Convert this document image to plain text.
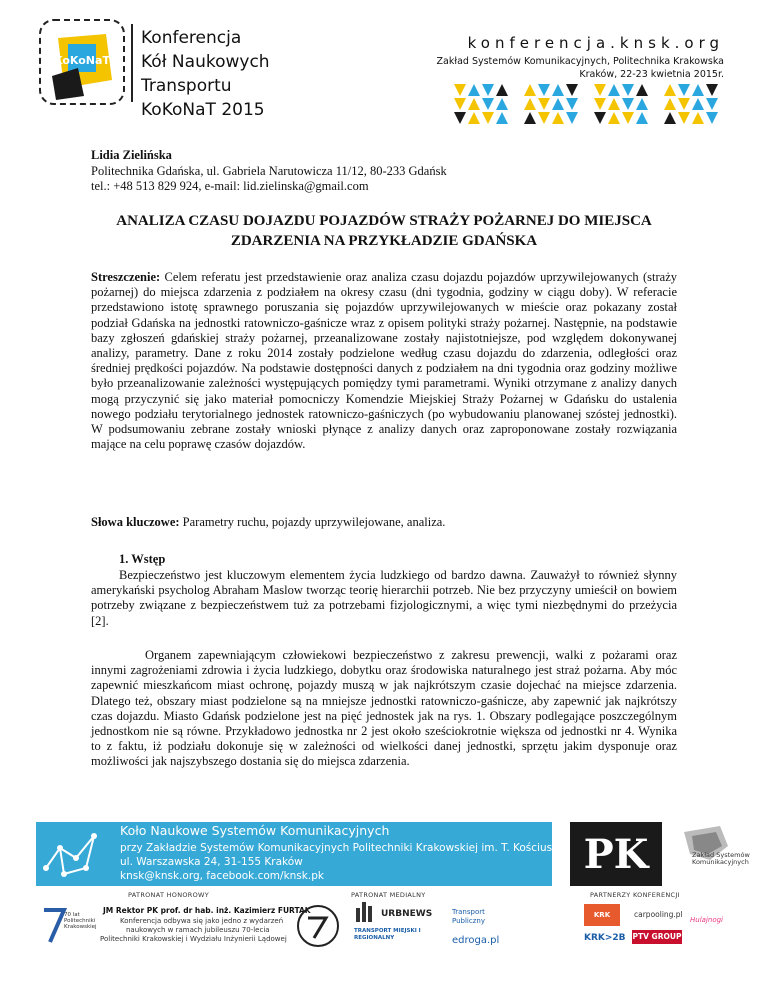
KoKoNaT
Konferencja
Kół Naukowych
Transportu
KoKoNaT 2015
konferencja.knsk.org
Zakład Systemów Komunikacyjnych, Politechnika Krakowska
Kraków, 22-23 kwietnia 2015r.
Lidia Zielińska
Politechnika Gdańska, ul. Gabriela Narutowicza 11/12, 80-233 Gdańsk
tel.: +48 513 829 924, e-mail: lid.zielinska@gmail.com
ANALIZA CZASU DOJAZDU POJAZDÓW STRAŻY POŻARNEJ DO MIEJSCA ZDARZENIA NA PRZYKŁADZIE GDAŃSKA
Streszczenie: Celem referatu jest przedstawienie oraz analiza czasu dojazdu pojazdów uprzywilejowanych (straży pożarnej) do miejsca zdarzenia z podziałem na okresy czasu (dni tygodnia, godziny w ciągu doby). W referacie przedstawiono istotę sprawnego poruszania się pojazdów uprzywilejowanych w mieście oraz pokazany został podział Gdańska na jednostki ratowniczo-gaśnicze wraz z opisem polityki straży pożarnej. Następnie, na podstawie bazy zgłoszeń gdańskiej straży pożarnej, przeanalizowane zostały najistotniejsze, pod względem dokonywanej analizy, parametry. Dane z roku 2014 zostały podzielone według czasu dojazdu do zdarzenia, odległości oraz średniej prędkości pojazdów. Na podstawie dostępności danych z podziałem na dni tygodnia oraz godziny możliwe było przeanalizowanie zależności występujących pomiędzy tymi parametrami. Wyniki otrzymane z analizy danych mogą przyczynić się jako materiał pomocniczy Komendzie Miejskiej Straży Pożarnej w Gdańsku do ustalenia nowego podziału terytorialnego jednostek ratowniczo-gaśniczych (po wybudowaniu planowanej szóstej jednostki). W podsumowaniu zebrane zostały wnioski płynące z analizy danych oraz zaproponowane zostały rozwiązania mające na celu poprawę czasów dojazdów.
Słowa kluczowe: Parametry ruchu, pojazdy uprzywilejowane, analiza.
1. Wstęp
Bezpieczeństwo jest kluczowym elementem życia ludzkiego od bardzo dawna. Zauważył to również słynny amerykański psycholog Abraham Maslow tworząc teorię hierarchii potrzeb. Nie bez przyczyny umieścił on bowiem potrzeby związane z bezpieczeństwem tuż za potrzebami fizjologicznymi, a więc tymi niezbędnymi do przeżycia [2].
Organem zapewniającym człowiekowi bezpieczeństwo z zakresu prewencji, walki z pożarami oraz innymi zagrożeniami zdrowia i życia ludzkiego, dobytku oraz środowiska naturalnego jest straż pożarna. Aby móc zapewnić mieszkańcom miast ochronę, pojazdy muszą w jak najkrótszym czasie dojechać na miejsce zdarzenia. Dlatego też, obszary miast podzielone są na mniejsze jednostki ratowniczo-gaśnicze, aby zapewnić jak najkrótszy czas dojazdu. Miasto Gdańsk podzielone jest na pięć jednostek jak na rys. 1. Obszary podlegające poszczególnym jednostkom nie są równe. Przykładowo jednostka nr 2 jest około sześciokrotnie większa od jednostki nr 4. Wynika to z faktu, iż podziału dokonuje się w zależności od wielkości danej jednostki, sprzętu jakim dysponuje oraz możliwości jak najszybszego dostania się do miejsca zdarzenia.
Koło Naukowe Systemów Komunikacyjnych
przy Zakładzie Systemów Komunikacyjnych Politechniki Krakowskiej im. T. Kościuszki
ul. Warszawska 24, 31-155 Kraków
knsk@knsk.org, facebook.com/knsk.pk	PK	Zakład Systemów Komunikacyjnych
PATRONAT HONOROWY	PATRONAT MEDIALNY	PARTNERZY KONFERENCJI
70 lat Politechniki Krakowskiej
JM Rektor PK prof. dr hab. inż. Kazimierz FURTAK
Konferencja odbywa się jako jedno z wydarzeń
naukowych w ramach jubileuszu 70-lecia
Politechniki Krakowskiej i Wydziału Inżynierii Lądowej
URBNEWS
TRANSPORT MIEJSKI I REGIONALNY
Transport Publiczny
edroga.pl
KRK	carpooling.pl
KRK>2B PTV GROUP
Hulajnogi
